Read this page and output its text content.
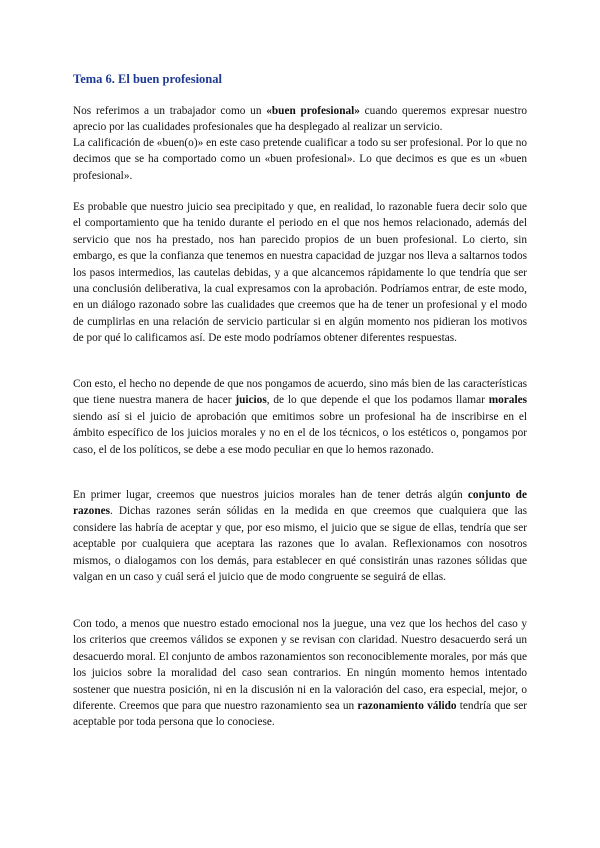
Tema 6. El buen profesional

Nos referimos a un trabajador como un «buen profesional» cuando queremos expresar nuestro aprecio por las cualidades profesionales que ha desplegado al realizar un servicio.

La calificación de «buen(o)» en este caso pretende cualificar a todo su ser profesional. Por lo que no decimos que se ha comportado como un «buen profesional». Lo que decimos es que es un «buen profesional».

Es probable que nuestro juicio sea precipitado y que, en realidad, lo razonable fuera decir solo que el comportamiento que ha tenido durante el periodo en el que nos hemos relacionado, además del servicio que nos ha prestado, nos han parecido propios de un buen profesional. Lo cierto, sin embargo, es que la confianza que tenemos en nuestra capacidad de juzgar nos lleva a saltarnos todos los pasos intermedios, las cautelas debidas, y a que alcancemos rápidamente lo que tendría que ser una conclusión deliberativa, la cual expresamos con la aprobación. Podríamos entrar, de este modo, en un diálogo razonado sobre las cualidades que creemos que ha de tener un profesional y el modo de cumplirlas en una relación de servicio particular si en algún momento nos pidieran los motivos de por qué lo calificamos así. De este modo podríamos obtener diferentes respuestas.

Con esto, el hecho no depende de que nos pongamos de acuerdo, sino más bien de las características que tiene nuestra manera de hacer juicios, de lo que depende el que los podamos llamar morales siendo así si el juicio de aprobación que emitimos sobre un profesional ha de inscribirse en el ámbito específico de los juicios morales y no en el de los técnicos, o los estéticos o, pongamos por caso, el de los políticos, se debe a ese modo peculiar en que lo hemos razonado.

En primer lugar, creemos que nuestros juicios morales han de tener detrás algún conjunto de razones. Dichas razones serán sólidas en la medida en que creemos que cualquiera que las considere las habría de aceptar y que, por eso mismo, el juicio que se sigue de ellas, tendría que ser aceptable por cualquiera que aceptara las razones que lo avalan. Reflexionamos con nosotros mismos, o dialogamos con los demás, para establecer en qué consistirán unas razones sólidas que valgan en un caso y cuál será el juicio que de modo congruente se seguirá de ellas.

Con todo, a menos que nuestro estado emocional nos la juegue, una vez que los hechos del caso y los criterios que creemos válidos se exponen y se revisan con claridad. Nuestro desacuerdo será un desacuerdo moral. El conjunto de ambos razonamientos son reconociblemente morales, por más que los juicios sobre la moralidad del caso sean contrarios. En ningún momento hemos intentado sostener que nuestra posición, ni en la discusión ni en la valoración del caso, era especial, mejor, o diferente. Creemos que para que nuestro razonamiento sea un razonamiento válido tendría que ser aceptable por toda persona que lo conociese.
